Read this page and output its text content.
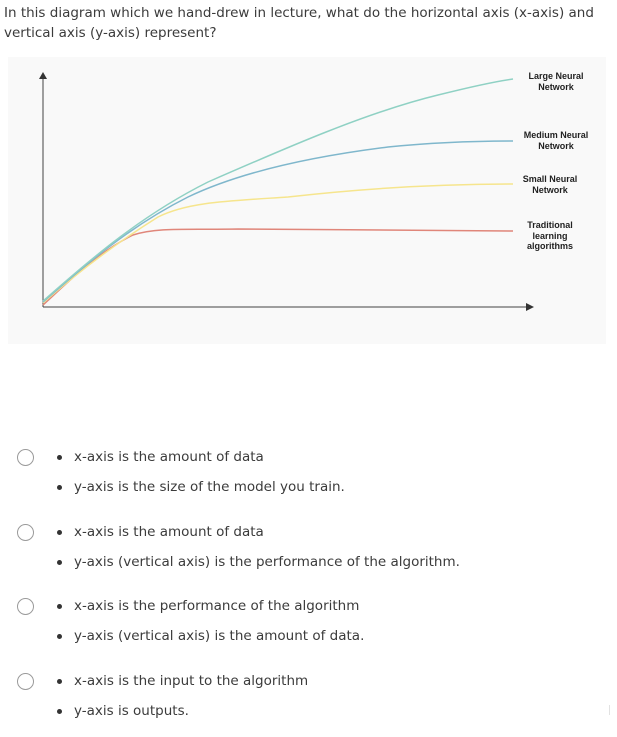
In this diagram which we hand-drew in lecture, what do the horizontal axis (x-axis) and vertical axis (y-axis) represent?

Large Neural
Network
Medium Neural
Network
Small Neural
Network
Traditional
learning
algorithms
x-axis is the amount of data
y-axis is the size of the model you train.
x-axis is the amount of data
y-axis (vertical axis) is the performance of the algorithm.
x-axis is the performance of the algorithm
y-axis (vertical axis) is the amount of data.
x-axis is the input to the algorithm
y-axis is outputs.
